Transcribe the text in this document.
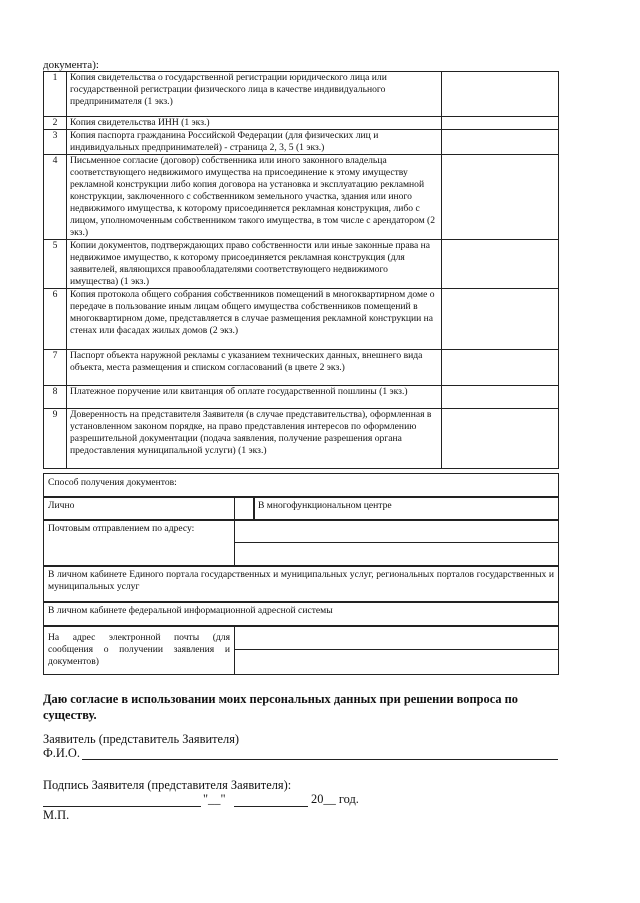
документа):
1	Копия свидетельства о государственной регистрации юридического лица или государственной регистрации физического лица в качестве индивидуального предпринимателя (1 экз.)	
2	Копия свидетельства ИНН (1 экз.)	
3	Копия паспорта гражданина Российской Федерации (для физических лиц и индивидуальных предпринимателей) - страница 2, 3, 5 (1 экз.)	
4	Письменное согласие (договор) собственника или иного законного владельца соответствующего недвижимого имущества на присоединение к этому имуществу рекламной конструкции либо копия договора на установка и эксплуатацию рекламной конструкции, заключенного с собственником земельного участка, здания или иного недвижимого имущества, к которому присоединяется рекламная конструкция, либо с лицом, уполномоченным собственником такого имущества, в том числе с арендатором (2 экз.)	
5	Копии документов, подтверждающих право собственности или иные законные права на недвижимое имущество, к которому присоединяется рекламная конструкция (для заявителей, являющихся правообладателями соответствующего недвижимого имущества) (1 экз.)	
6	Копия протокола общего собрания собственников помещений в многоквартирном доме о передаче в пользование иным лицам общего имущества собственников помещений в многоквартирном доме, представляется в случае размещения рекламной конструкции на стенах или фасадах жилых домов (2 экз.)	
7	Паспорт объекта наружной рекламы с указанием технических данных, внешнего вида объекта, места размещения и списком согласований (в цвете 2 экз.)	
8	Платежное поручение или квитанция об оплате государственной пошлины (1 экз.)	
9	Доверенность на представителя Заявителя (в случае представительства), оформленная в установленном законом порядке, на право представления интересов по оформлению разрешительной документации (подача заявления, получение разрешения органа предоставления муниципальной услуги) (1 экз.)	
Способ получения документов:
Лично	В многофункциональном центре
Почтовым отправлением по адресу:
В личном кабинете Единого портала государственных и муниципальных услуг, региональных порталов государственных и муниципальных услуг
В личном кабинете федеральной информационной адресной системы
На адрес электронной почты (для сообщения о получении заявления и документов)
Даю согласие в использовании моих персональных данных при решении вопроса по существу.
Заявитель (представитель Заявителя)
Ф.И.О.
Подпись Заявителя (представителя Заявителя):
"__"	20__ год.
М.П.
